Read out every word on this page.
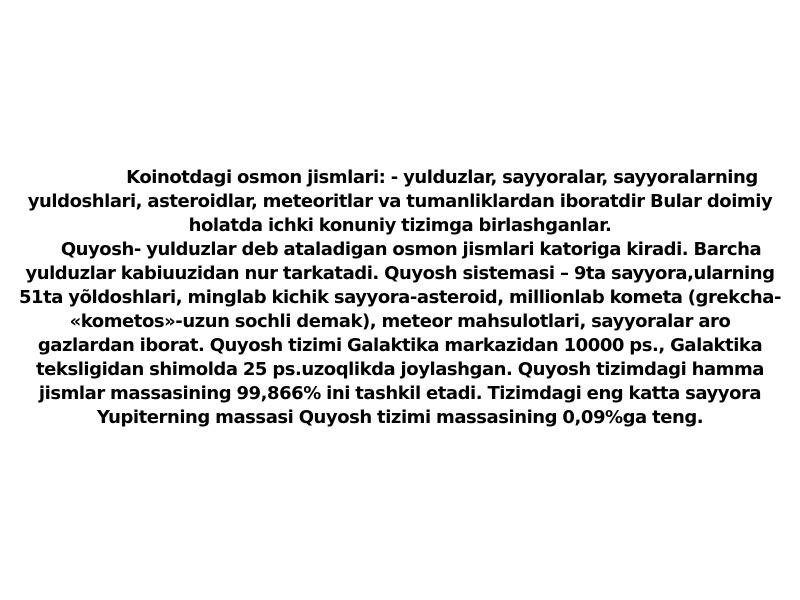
Koinotdagi osmon jismlari: - yulduzlar, sayyoralar, sayyoralarning
yuldoshlari, asteroidlar, meteoritlar va tumanliklardan iboratdir Bular doimiy
holatda ichki konuniy tizimga birlashganlar.
Quyosh- yulduzlar deb ataladigan osmon jismlari katoriga kiradi. Barcha
yulduzlar kabiuuzidan nur tarkatadi. Quyosh sistemasi – 9ta sayyora,ularning
51ta yõldoshlari, minglab kichik sayyora-asteroid, millionlab kometa (grekcha-
«kometos»-uzun sochli demak), meteor mahsulotlari, sayyoralar aro
gazlardan iborat. Quyosh tizimi Galaktika markazidan 10000 ps., Galaktika
teksligidan shimolda 25 ps.uzoqlikda joylashgan. Quyosh tizimdagi hamma
jismlar massasining 99,866% ini tashkil etadi. Tizimdagi eng katta sayyora
Yupiterning massasi Quyosh tizimi massasining 0,09%ga teng.
